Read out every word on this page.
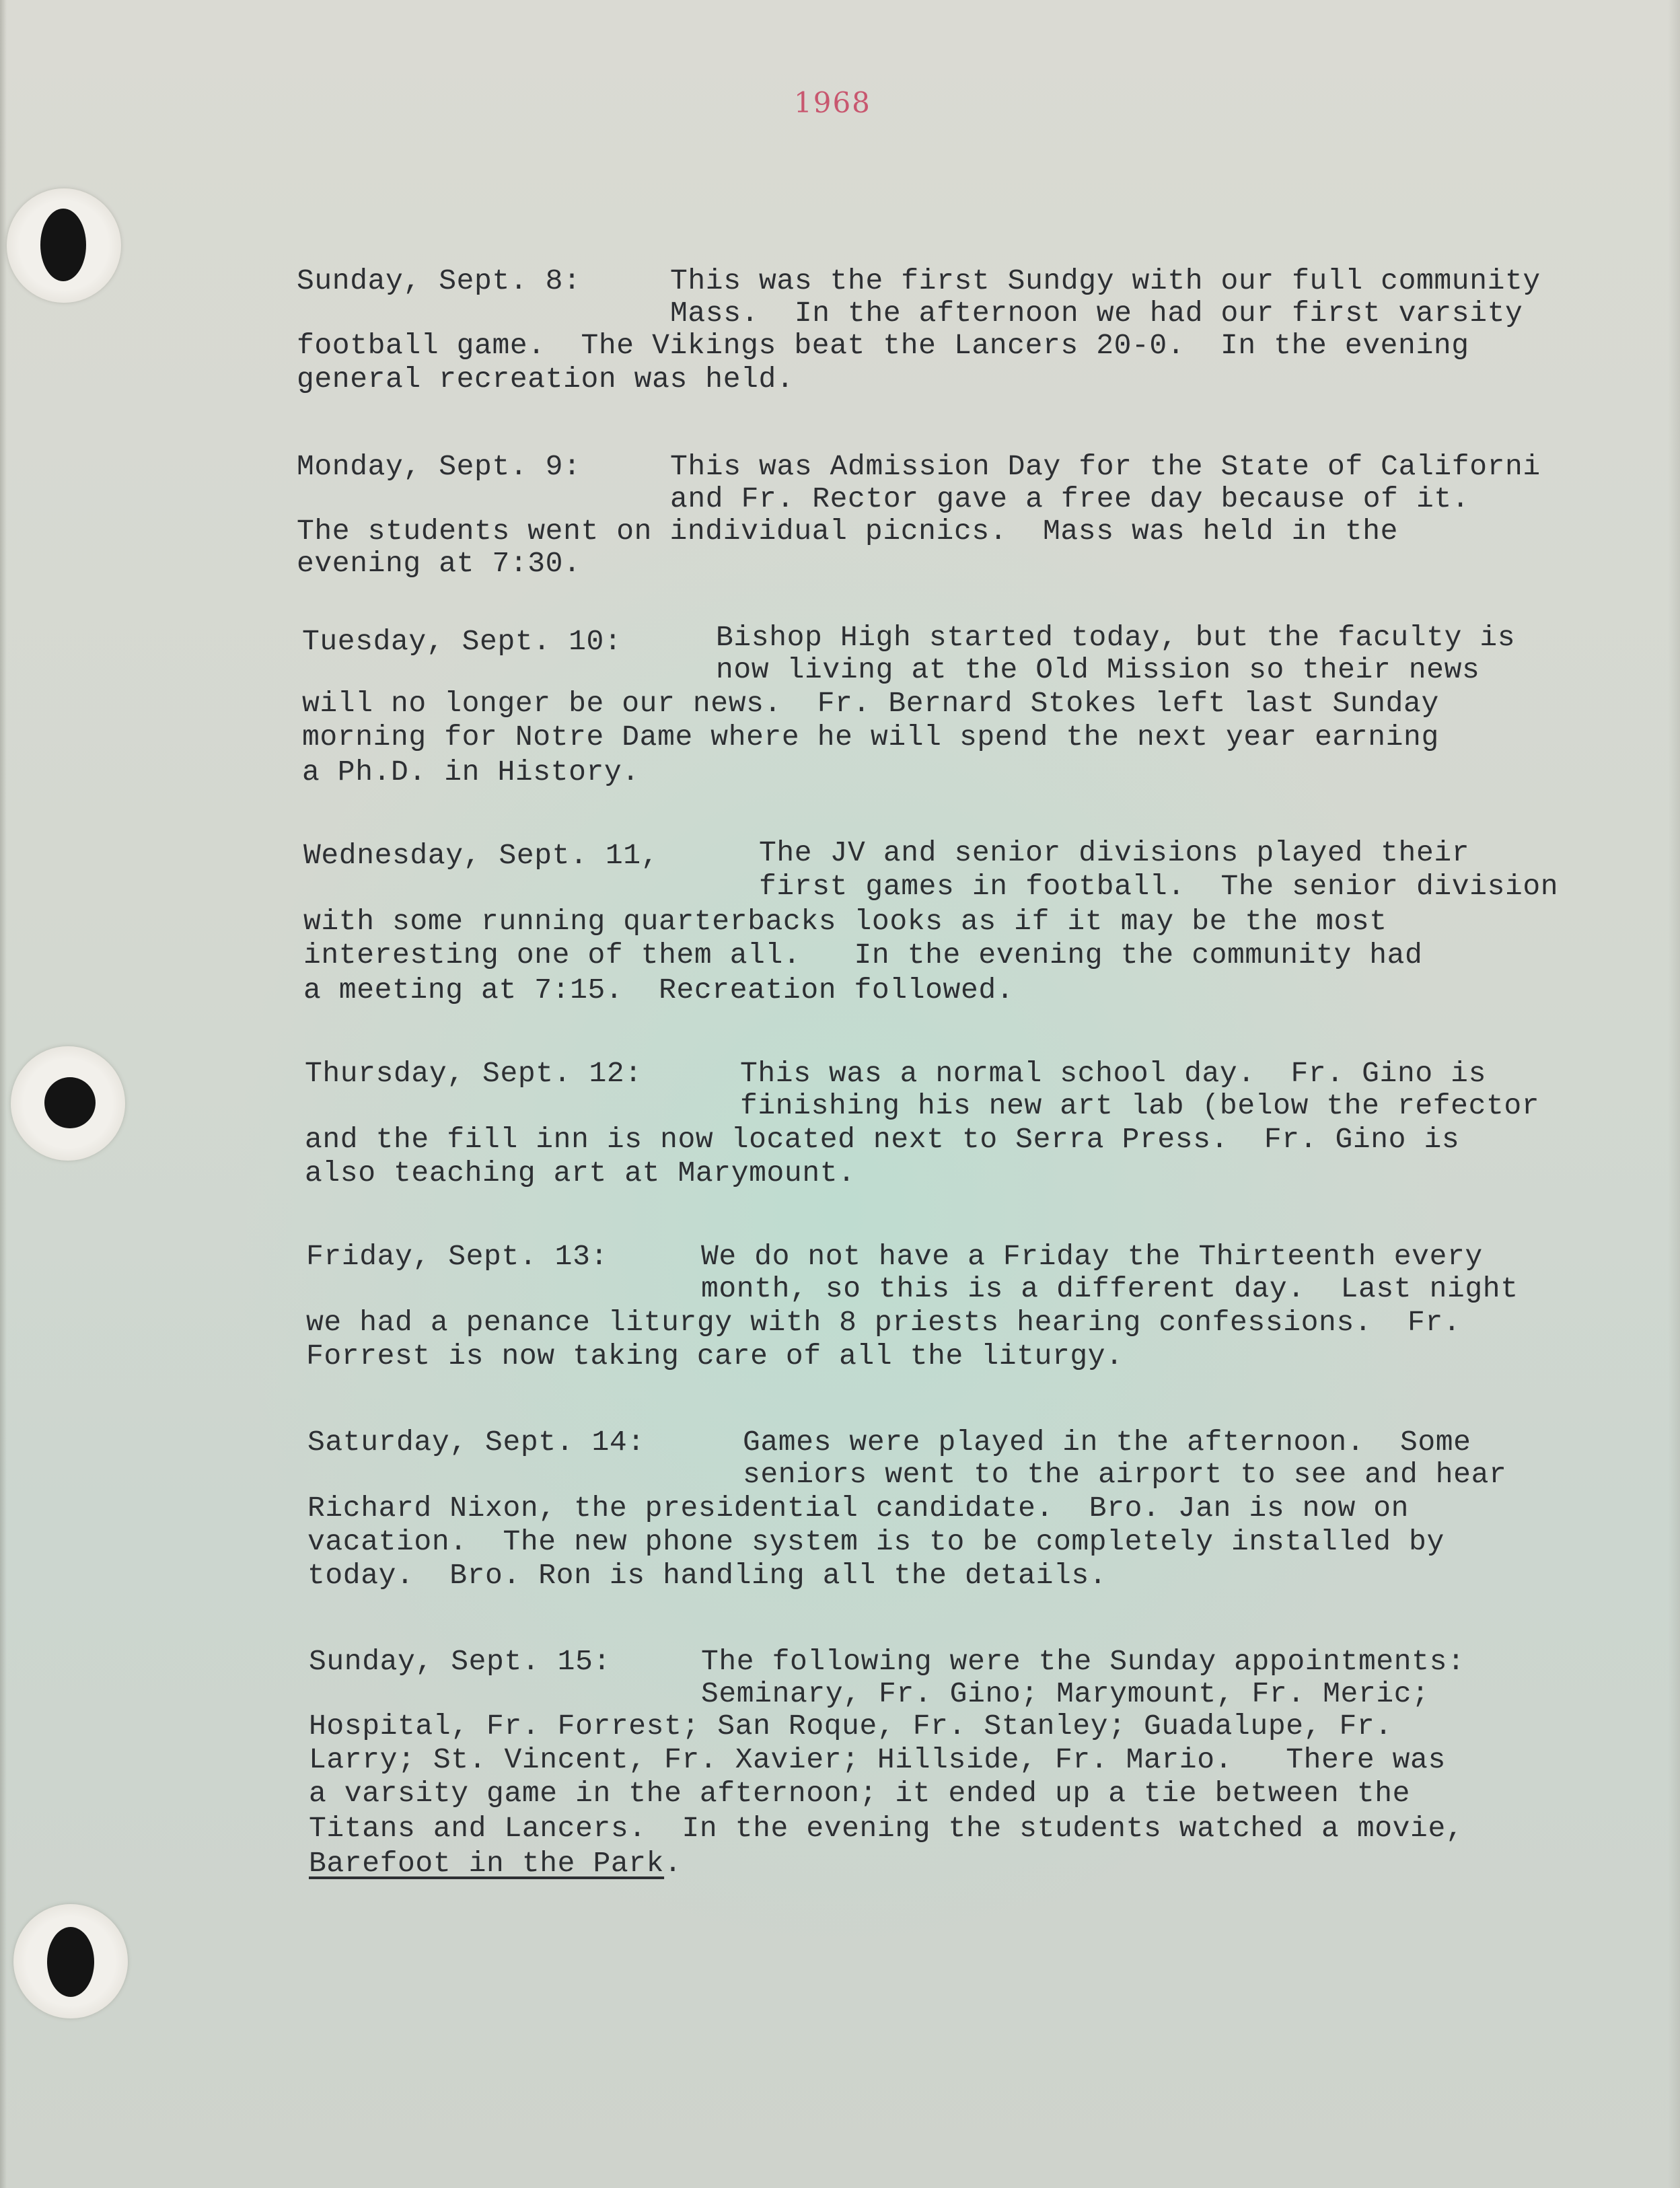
1968
Sunday, Sept. 8:	This was the first Sundgy with our full community
Mass.  In the afternoon we had our first varsity
football game.  The Vikings beat the Lancers 20-0.  In the evening
general recreation was held.
Monday, Sept. 9:	This was Admission Day for the State of Californi
and Fr. Rector gave a free day because of it.
The students went on individual picnics.  Mass was held in the
evening at 7:30.
Tuesday, Sept. 10:	Bishop High started today, but the faculty is
now living at the Old Mission so their news
will no longer be our news.  Fr. Bernard Stokes left last Sunday
morning for Notre Dame where he will spend the next year earning
a Ph.D. in History.
Wednesday, Sept. 11,	The JV and senior divisions played their
first games in football.  The senior division
with some running quarterbacks looks as if it may be the most
interesting one of them all.   In the evening the community had
a meeting at 7:15.  Recreation followed.
Thursday, Sept. 12:	This was a normal school day.  Fr. Gino is
finishing his new art lab (below the refector
and the fill inn is now located next to Serra Press.  Fr. Gino is
also teaching art at Marymount.
Friday, Sept. 13:	We do not have a Friday the Thirteenth every
month, so this is a different day.  Last night
we had a penance liturgy with 8 priests hearing confessions.  Fr.
Forrest is now taking care of all the liturgy.
Saturday, Sept. 14:	Games were played in the afternoon.  Some
seniors went to the airport to see and hear
Richard Nixon, the presidential candidate.  Bro. Jan is now on
vacation.  The new phone system is to be completely installed by
today.  Bro. Ron is handling all the details.
Sunday, Sept. 15:	The following were the Sunday appointments:
Seminary, Fr. Gino; Marymount, Fr. Meric;
Hospital, Fr. Forrest; San Roque, Fr. Stanley; Guadalupe, Fr.
Larry; St. Vincent, Fr. Xavier; Hillside, Fr. Mario.   There was
a varsity game in the afternoon; it ended up a tie between the
Titans and Lancers.  In the evening the students watched a movie,
Barefoot in the Park.
